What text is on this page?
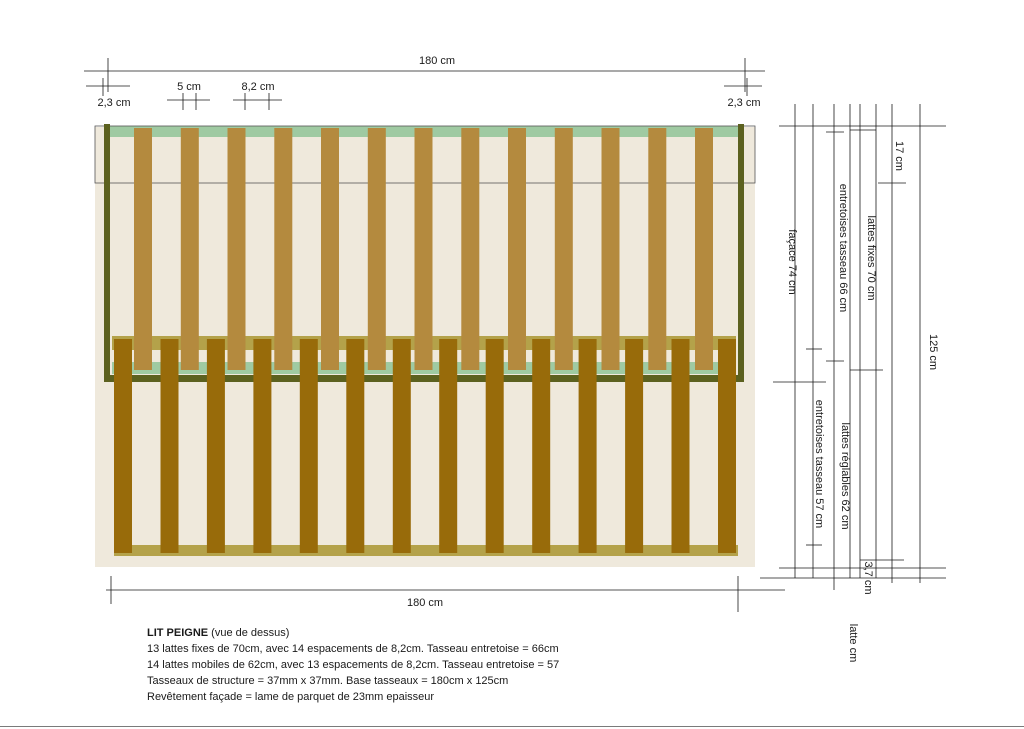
180 cm
2,3 cm	2,3 cm
5 cm	8,2 cm
180 cm
17 cm
entretoises tasseau 66 cm lattes fixes 70 cm
façace 74 cm
125 cm
entretoises tasseau 57 cm lattes réglables 62 cm
3,7 cm
latte cm
LIT PEIGNE (vue de dessus)
13 lattes fixes de 70cm, avec 14 espacements de 8,2cm. Tasseau entretoise = 66cm
14 lattes mobiles de 62cm, avec 13 espacements de 8,2cm. Tasseau entretoise = 57
Tasseaux de structure = 37mm x 37mm. Base tasseaux = 180cm x 125cm
Revêtement façade = lame de parquet de 23mm epaisseur
